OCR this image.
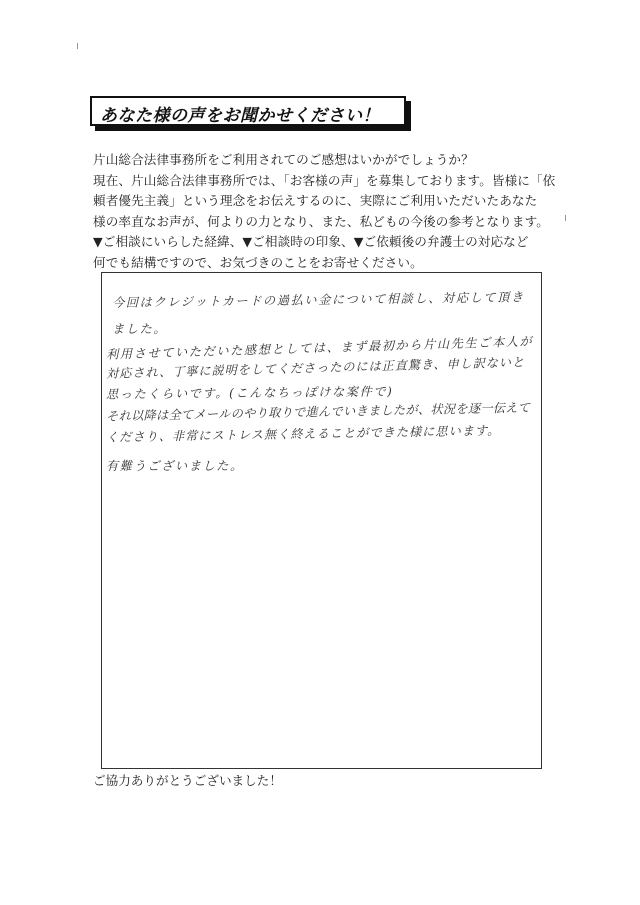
あなた様の声をお聞かせください！
片山総合法律事務所をご利用されてのご感想はいかがでしょうか？
現在、片山総合法律事務所では、「お客様の声」を募集しております。皆様に「依
頼者優先主義」という理念をお伝えするのに、実際にご利用いただいたあなた
様の率直なお声が、何よりの力となり、また、私どもの今後の参考となります。
▼ご相談にいらした経緯、▼ご相談時の印象、▼ご依頼後の弁護士の対応など
何でも結構ですので、お気づきのことをお寄せください。
今回はクレジットカードの過払い金について相談し、対応して頂き
ました。
利用させていただいた感想としては、まず最初から片山先生ご本人が
対応され、丁寧に説明をしてくださったのには正直驚き、申し訳ないと
思ったくらいです。(こんなちっぽけな案件で)
それ以降は全てメールのやり取りで進んでいきましたが、状況を逐一伝えて
くださり、非常にストレス無く終えることができた様に思います。
有難うございました。
ご協力ありがとうございました！
